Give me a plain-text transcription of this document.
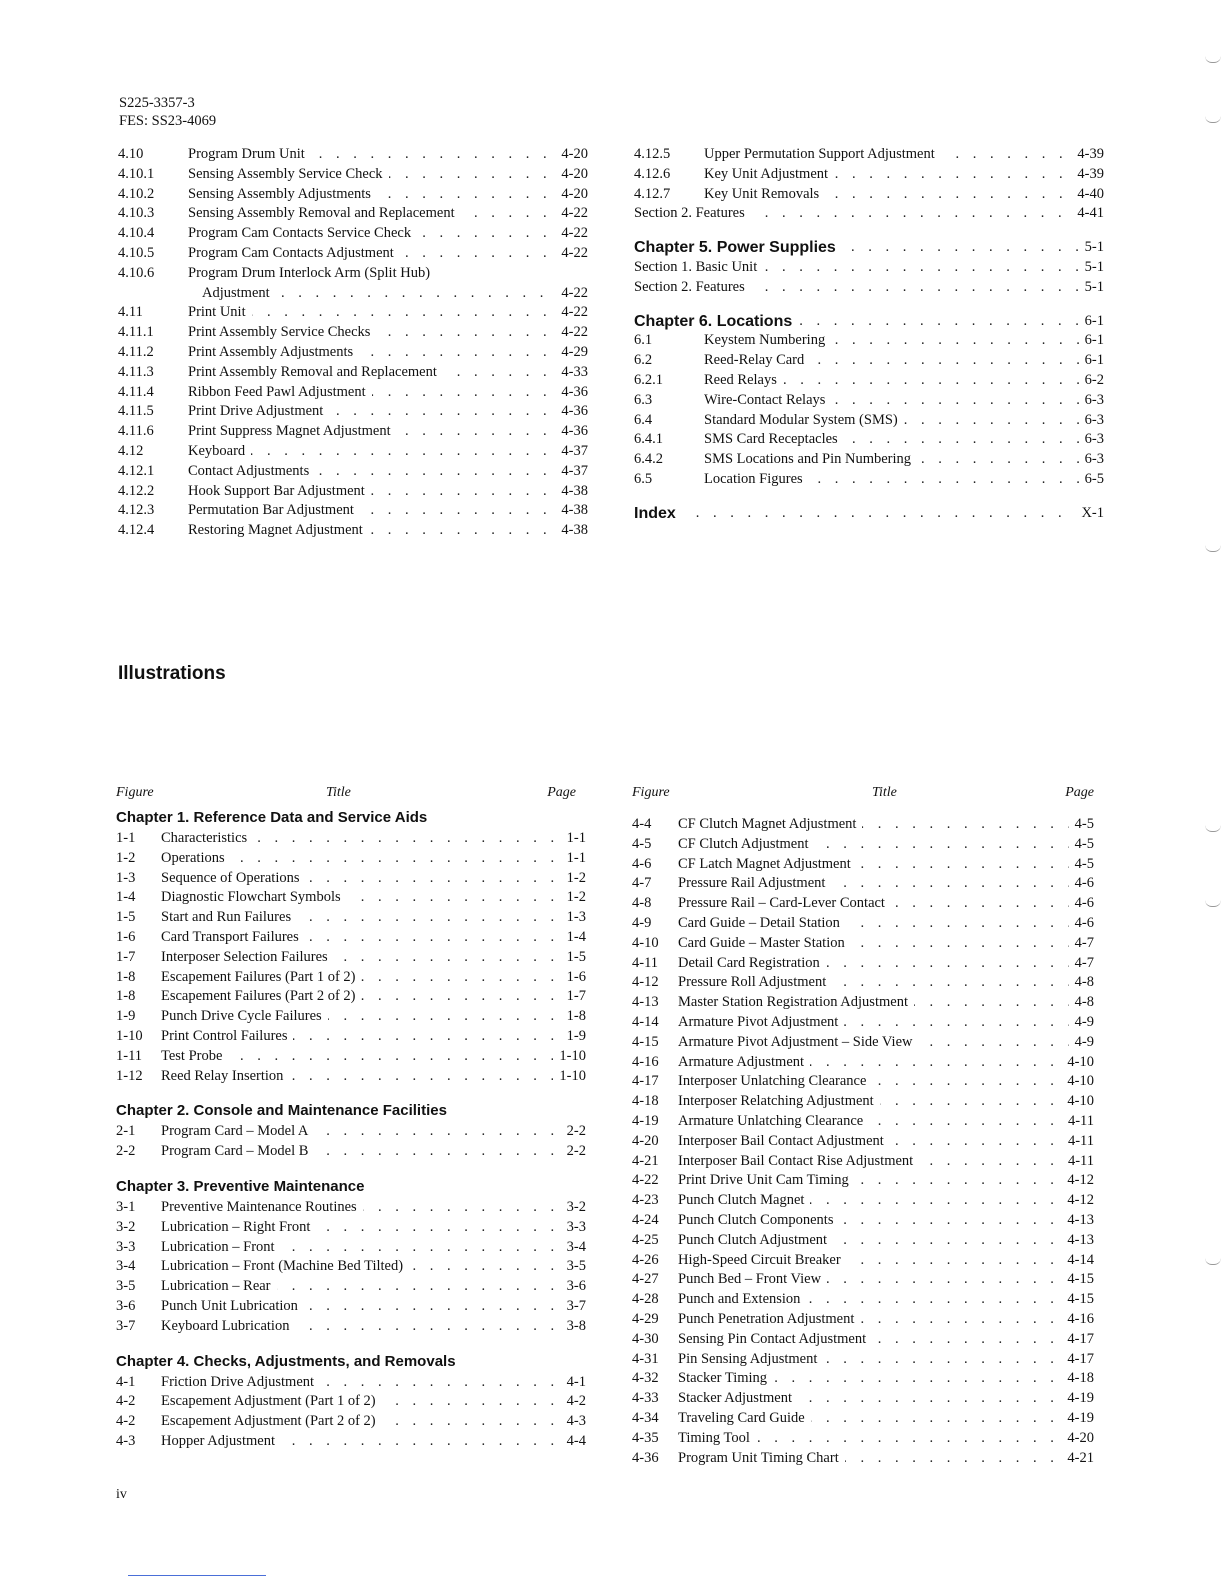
S225-3357-3
FES: SS23-4069
. . .
4.10	Program Drum Unit	4-20
. . .
4.10.1 Sensing Assembly Service Check	4-20
. . .
4.10.2 Sensing Assembly Adjustments	4-20
. . .
4.10.3 Sensing Assembly Removal and Replacement	4-22
. . .
4.10.4 Program Cam Contacts Service Check	4-22
. . .
4.10.5 Program Cam Contacts Adjustment	4-22
4.10.6 Program Drum Interlock Arm (Split Hub)
. . .
Adjustment	4-22
. . .
4.11	Print Unit	4-22
. . .
4.11.1 Print Assembly Service Checks	4-22
. . .
4.11.2 Print Assembly Adjustments	4-29
. . .
4.11.3 Print Assembly Removal and Replacement	4-33
. . .
4.11.4 Ribbon Feed Pawl Adjustment	4-36
. . .
4.11.5 Print Drive Adjustment	4-36
. . .
4.11.6 Print Suppress Magnet Adjustment	4-36
. . .
4.12	Keyboard	4-37
. . .
4.12.1 Contact Adjustments	4-37
. . .
4.12.2 Hook Support Bar Adjustment	4-38
. . .
4.12.3 Permutation Bar Adjustment	4-38
. . .
4.12.4 Restoring Magnet Adjustment	4-38
. . .
4.12.5 Upper Permutation Support Adjustment	4-39
. . .
4.12.6 Key Unit Adjustment	4-39
. . .
4.12.7 Key Unit Removals	4-40
. . .
Section 2. Features	4-41
. . .
Chapter 5. Power Supplies	5-1
. . .
Section 1. Basic Unit	5-1
. . .
Section 2. Features	5-1
. . .
Chapter 6. Locations	6-1
. . .
6.1	Keystem Numbering	6-1
. . .
6.2	Reed-Relay Card	6-1
. . .
6.2.1	Reed Relays	6-2
. . .
6.3	Wire-Contact Relays	6-3
. . .
6.4	Standard Modular System (SMS)	6-3
. . .
6.4.1	SMS Card Receptacles	6-3
. . .
6.4.2	SMS Locations and Pin Numbering	6-3
. . .
6.5	Location Figures	6-5
. . .
Index	X-1
Illustrations
Figure	Title	Page
Chapter 1. Reference Data and Service Aids
. . .
1-1 Characteristics	1-1
. . .
1-2 Operations	1-1
. . .
1-3 Sequence of Operations	1-2
. . .
1-4 Diagnostic Flowchart Symbols	1-2
. . .
1-5 Start and Run Failures	1-3
. . .
1-6 Card Transport Failures	1-4
. . .
1-7 Interposer Selection Failures	1-5
. . .
1-8 Escapement Failures (Part 1 of 2)	1-6
. . .
1-8 Escapement Failures (Part 2 of 2)	1-7
. . .
1-9 Punch Drive Cycle Failures	1-8
. . .
1-10 Print Control Failures	1-9
. . .
1-11 Test Probe	1-10
. . .
1-12 Reed Relay Insertion	1-10
Chapter 2. Console and Maintenance Facilities
. . .
2-1 Program Card – Model A	2-2
. . .
2-2 Program Card – Model B	2-2
Chapter 3. Preventive Maintenance
. . .
3-1 Preventive Maintenance Routines	3-2
. . .
3-2 Lubrication – Right Front	3-3
. . .
3-3 Lubrication – Front	3-4
. . .
3-4 Lubrication – Front (Machine Bed Tilted)	3-5
. . .
3-5 Lubrication – Rear	3-6
. . .
3-6 Punch Unit Lubrication	3-7
. . .
3-7 Keyboard Lubrication	3-8
Chapter 4. Checks, Adjustments, and Removals
. . .
4-1 Friction Drive Adjustment	4-1
. . .
4-2 Escapement Adjustment (Part 1 of 2)	4-2
. . .
4-2 Escapement Adjustment (Part 2 of 2)	4-3
. . .
4-3 Hopper Adjustment	4-4
Figure	Title	Page
. . .
4-4 CF Clutch Magnet Adjustment	4-5
. . .
4-5 CF Clutch Adjustment	4-5
. . .
4-6 CF Latch Magnet Adjustment	4-5
. . .
4-7 Pressure Rail Adjustment	4-6
. . .
4-8 Pressure Rail – Card-Lever Contact	4-6
. . .
4-9 Card Guide – Detail Station	4-6
. . .
4-10 Card Guide – Master Station	4-7
. . .
4-11 Detail Card Registration	4-7
. . .
4-12 Pressure Roll Adjustment	4-8
. . .
4-13 Master Station Registration Adjustment	4-8
. . .
4-14 Armature Pivot Adjustment	4-9
. . .
4-15 Armature Pivot Adjustment – Side View	4-9
. . .
4-16 Armature Adjustment	4-10
. . .
4-17 Interposer Unlatching Clearance	4-10
. . .
4-18 Interposer Relatching Adjustment	4-10
. . .
4-19 Armature Unlatching Clearance	4-11
. . .
4-20 Interposer Bail Contact Adjustment	4-11
. . .
4-21 Interposer Bail Contact Rise Adjustment	4-11
. . .
4-22 Print Drive Unit Cam Timing	4-12
. . .
4-23 Punch Clutch Magnet	4-12
. . .
4-24 Punch Clutch Components	4-13
. . .
4-25 Punch Clutch Adjustment	4-13
. . .
4-26 High-Speed Circuit Breaker	4-14
. . .
4-27 Punch Bed – Front View	4-15
. . .
4-28 Punch and Extension	4-15
. . .
4-29 Punch Penetration Adjustment	4-16
. . .
4-30 Sensing Pin Contact Adjustment	4-17
. . .
4-31 Pin Sensing Adjustment	4-17
. . .
4-32 Stacker Timing	4-18
. . .
4-33 Stacker Adjustment	4-19
. . .
4-34 Traveling Card Guide	4-19
. . .
4-35 Timing Tool	4-20
. . .
4-36 Program Unit Timing Chart	4-21
iv
